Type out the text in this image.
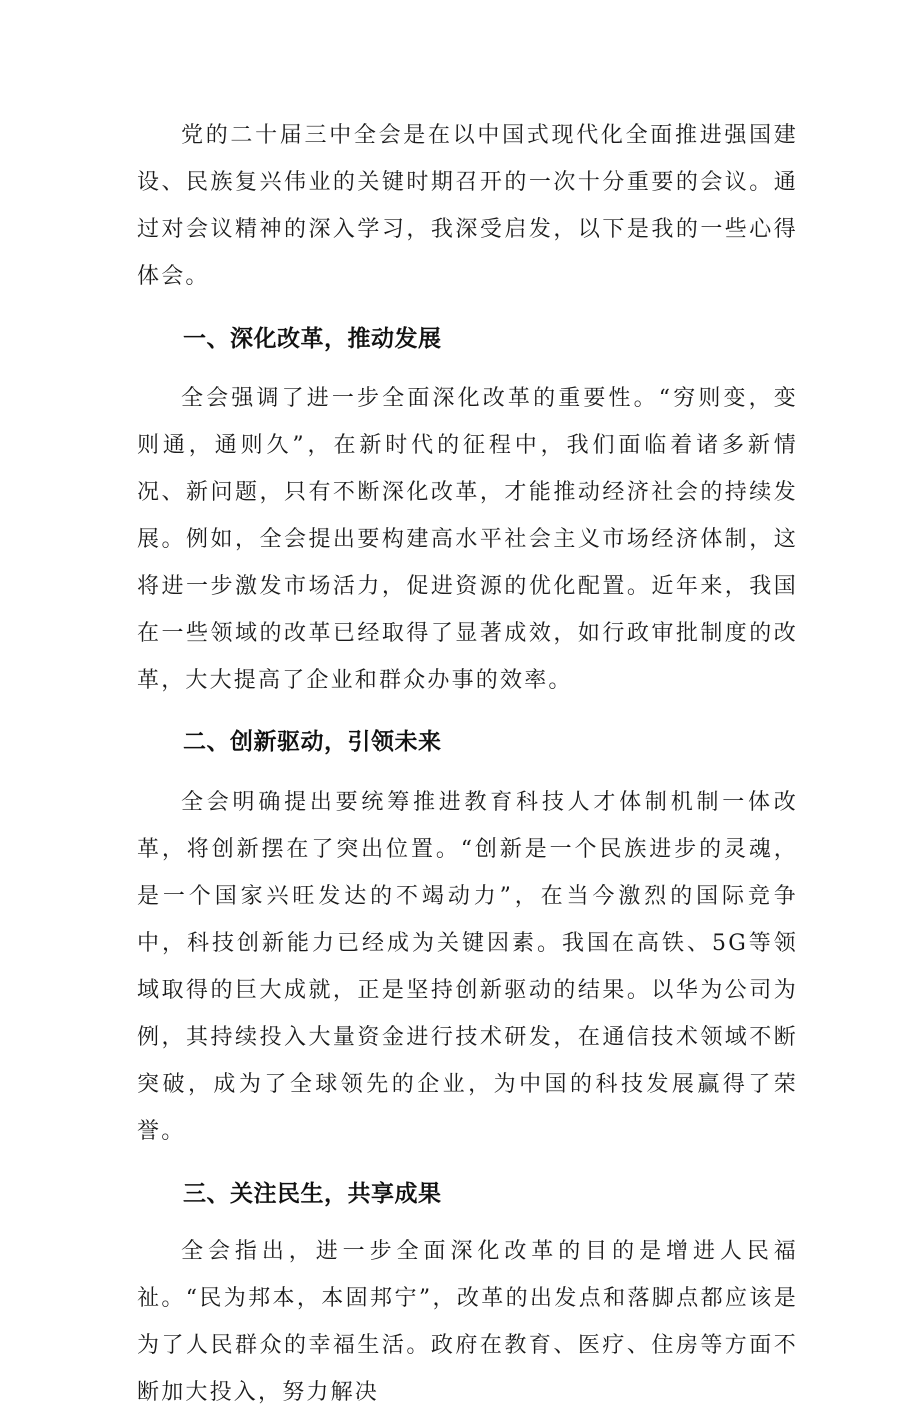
党的二十届三中全会是在以中国式现代化全面推进强国建设、民族复兴伟业的关键时期召开的一次十分重要的会议。通过对会议精神的深入学习，我深受启发，以下是我的一些心得体会。

一、深化改革，推动发展

全会强调了进一步全面深化改革的重要性。“穷则变，变则通，通则久”，在新时代的征程中，我们面临着诸多新情况、新问题，只有不断深化改革，才能推动经济社会的持续发展。例如，全会提出要构建高水平社会主义市场经济体制，这将进一步激发市场活力，促进资源的优化配置。近年来，我国在一些领域的改革已经取得了显著成效，如行政审批制度的改革，大大提高了企业和群众办事的效率。

二、创新驱动，引领未来

全会明确提出要统筹推进教育科技人才体制机制一体改革，将创新摆在了突出位置。“创新是一个民族进步的灵魂，是一个国家兴旺发达的不竭动力”，在当今激烈的国际竞争中，科技创新能力已经成为关键因素。我国在高铁、5G等领域取得的巨大成就，正是坚持创新驱动的结果。以华为公司为例，其持续投入大量资金进行技术研发，在通信技术领域不断突破，成为了全球领先的企业，为中国的科技发展赢得了荣誉。

三、关注民生，共享成果

全会指出，进一步全面深化改革的目的是增进人民福祉。“民为邦本，本固邦宁”，改革的出发点和落脚点都应该是为了人民群众的幸福生活。政府在教育、医疗、住房等方面不断加大投入，努力解决
